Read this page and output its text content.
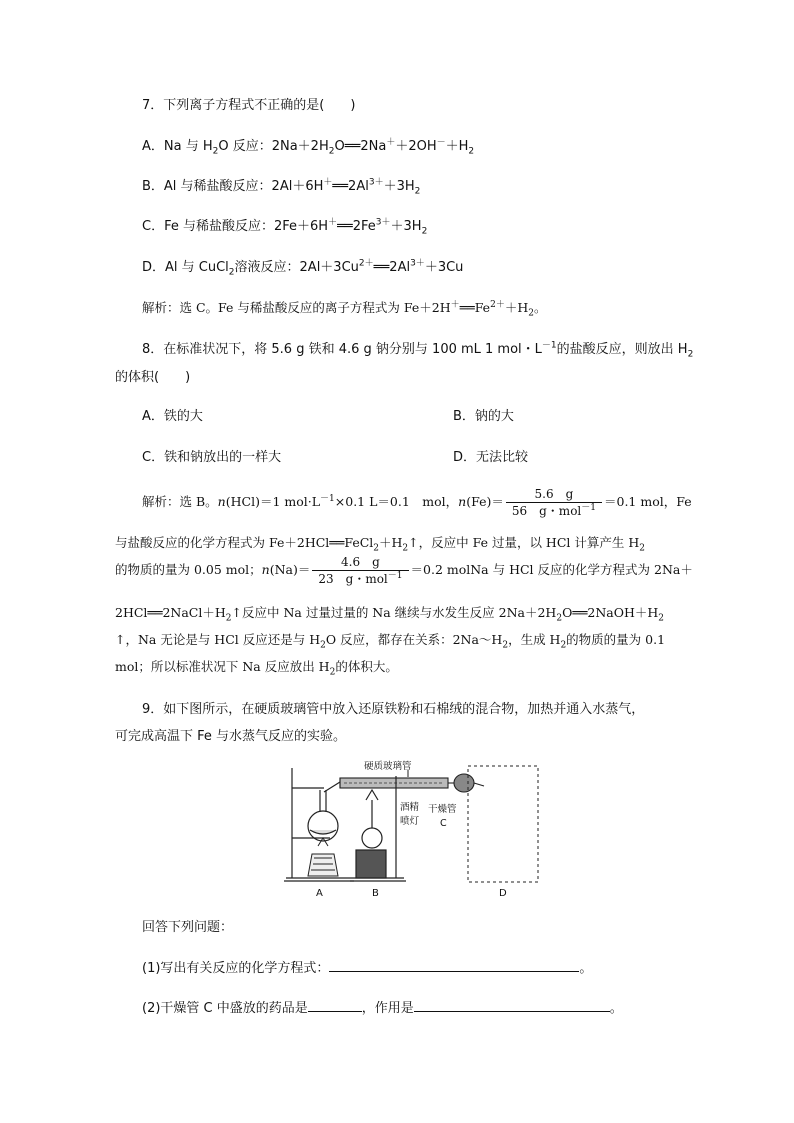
7．下列离子方程式不正确的是(　　)
A．Na 与 $H_2O$ 反应：$2Na+2H_2O══2Na^++2OH^-+H_2$
B．Al 与稀盐酸反应：$2Al+6H^+══2Al^{3+}+3H_2$
C．Fe 与稀盐酸反应：$2Fe+6H^+══2Fe^{3+}+3H_2$
D．Al 与 CuCl$_2$溶液反应：$2Al+3Cu^{2+}══2Al^{3+}+3Cu$
解析：选 C。Fe 与稀盐酸反应的离子方程式为 $Fe+2H^+══Fe^{2+}+H_2$。
8．在标准状况下，将 5.6 g 铁和 4.6 g 钠分别与 100 mL 1 mol・$L^{-1}$的盐酸反应，则放出 $H_2$
的体积(　　)
A．铁的大	B．钠的大
C．铁和钠放出的一样大	D．无法比较
解析：选 B。n(HCl)＝1 $mol\cdot L^{-1}\times 0.1$ L＝0.1　mol，$n(Fe)= \frac{5.6 g}{56 g・mol^{-1}} =0.1$ mol，Fe
与盐酸反应的化学方程式为 $Fe+2HCl══FeCl_2+H_2↑$，反应中 Fe 过量，以 HCl 计算产生 $H_2$
的物质的量为 0.05 mol；$n(Na)= \frac{4.6 g}{23 g・mol^{-1}} =0.2$ molNa 与 HCl 反应的化学方程式为 2Na＋
$2HCl══2NaCl+H_2↑$反应中 Na 过量过量的 Na 继续与水发生反应 $2Na+2H_2O══2NaOH+H_2$
↑，Na 无论是与 HCl 反应还是与 $H_2O$ 反应，都存在关系：$2Na\sim H_2$，生成 $H_2$的物质的量为 0.1
mol；所以标准状况下 Na 反应放出 $H_2$的体积大。
9．如下图所示，在硬质玻璃管中放入还原铁粉和石棉绒的混合物，加热并通入水蒸气，
可完成高温下 Fe 与水蒸气反应的实验。
硬质玻璃管
酒精
喷灯
干燥管
C
A	B	D
回答下列问题：
(1)写出有关反应的化学方程式：	。
(2)干燥管 C 中盛放的药品是	，作用是	。
